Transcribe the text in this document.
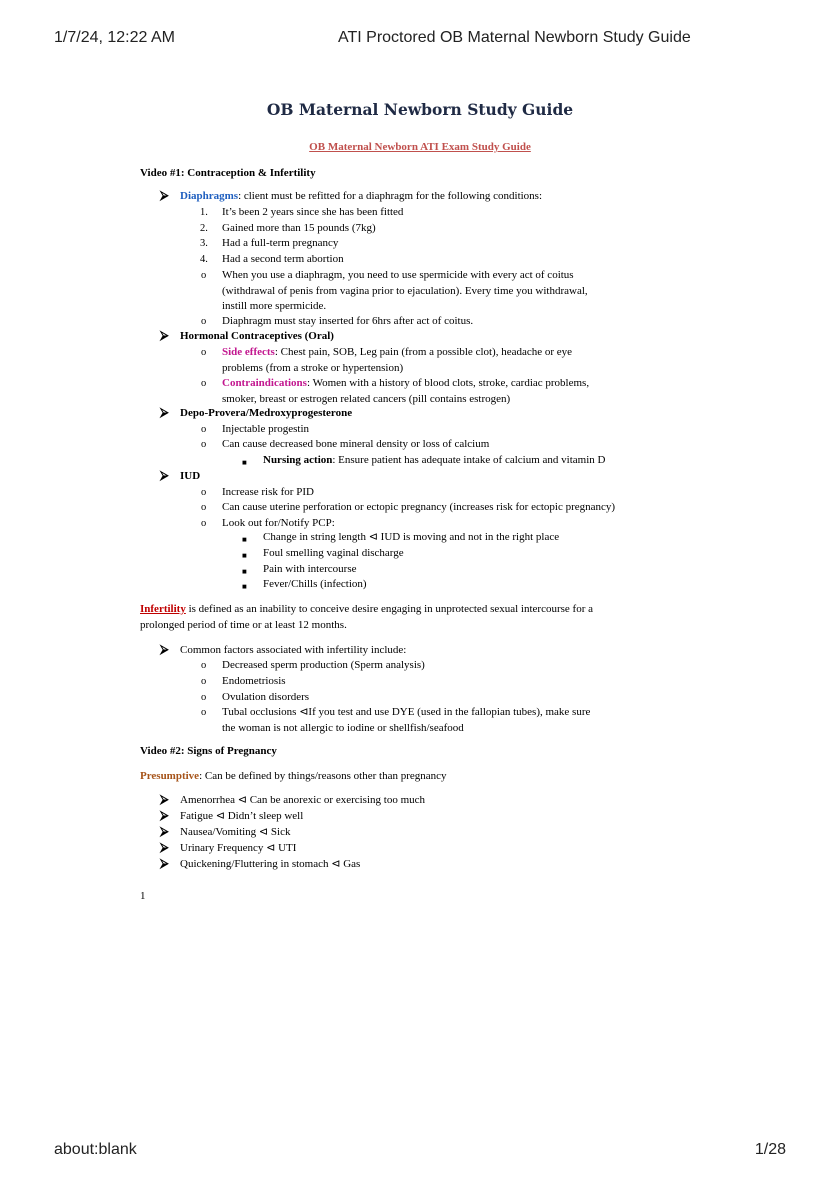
1/7/24, 12:22 AM	ATI Proctored OB Maternal Newborn Study Guide
OB Maternal Newborn Study Guide
OB Maternal Newborn ATI Exam Study Guide
Video #1: Contraception & Infertility
⮚ Diaphragms: client must be refitted for a diaphragm for the following conditions:
1. It’s been 2 years since she has been fitted
2. Gained more than 15 pounds (7kg)
3. Had a full-term pregnancy
4. Had a second term abortion
o When you use a diaphragm, you need to use spermicide with every act of coitus
(withdrawal of penis from vagina prior to ejaculation). Every time you withdrawal,
instill more spermicide.
o Diaphragm must stay inserted for 6hrs after act of coitus.
⮚ Hormonal Contraceptives (Oral)
o Side effects: Chest pain, SOB, Leg pain (from a possible clot), headache or eye
problems (from a stroke or hypertension)
o Contraindications: Women with a history of blood clots, stroke, cardiac problems,
smoker, breast or estrogen related cancers (pill contains estrogen)
⮚ Depo-Provera/Medroxyprogesterone
o Injectable progestin
o Can cause decreased bone mineral density or loss of calcium
■ Nursing action: Ensure patient has adequate intake of calcium and vitamin D
⮚ IUD
o Increase risk for PID
o Can cause uterine perforation or ectopic pregnancy (increases risk for ectopic pregnancy)
o Look out for/Notify PCP:
■ Change in string length ⊲ IUD is moving and not in the right place
■ Foul smelling vaginal discharge
■ Pain with intercourse
■ Fever/Chills (infection)
Infertility is defined as an inability to conceive desire engaging in unprotected sexual intercourse for a
prolonged period of time or at least 12 months.
⮚ Common factors associated with infertility include:
o Decreased sperm production (Sperm analysis)
o Endometriosis
o Ovulation disorders
o Tubal occlusions ⊲If you test and use DYE (used in the fallopian tubes), make sure
the woman is not allergic to iodine or shellfish/seafood
Video #2: Signs of Pregnancy
Presumptive: Can be defined by things/reasons other than pregnancy
⮚ Amenorrhea ⊲ Can be anorexic or exercising too much
⮚ Fatigue ⊲ Didn’t sleep well
⮚ Nausea/Vomiting ⊲ Sick
⮚ Urinary Frequency ⊲ UTI
⮚ Quickening/Fluttering in stomach ⊲ Gas
1
about:blank	1/28
